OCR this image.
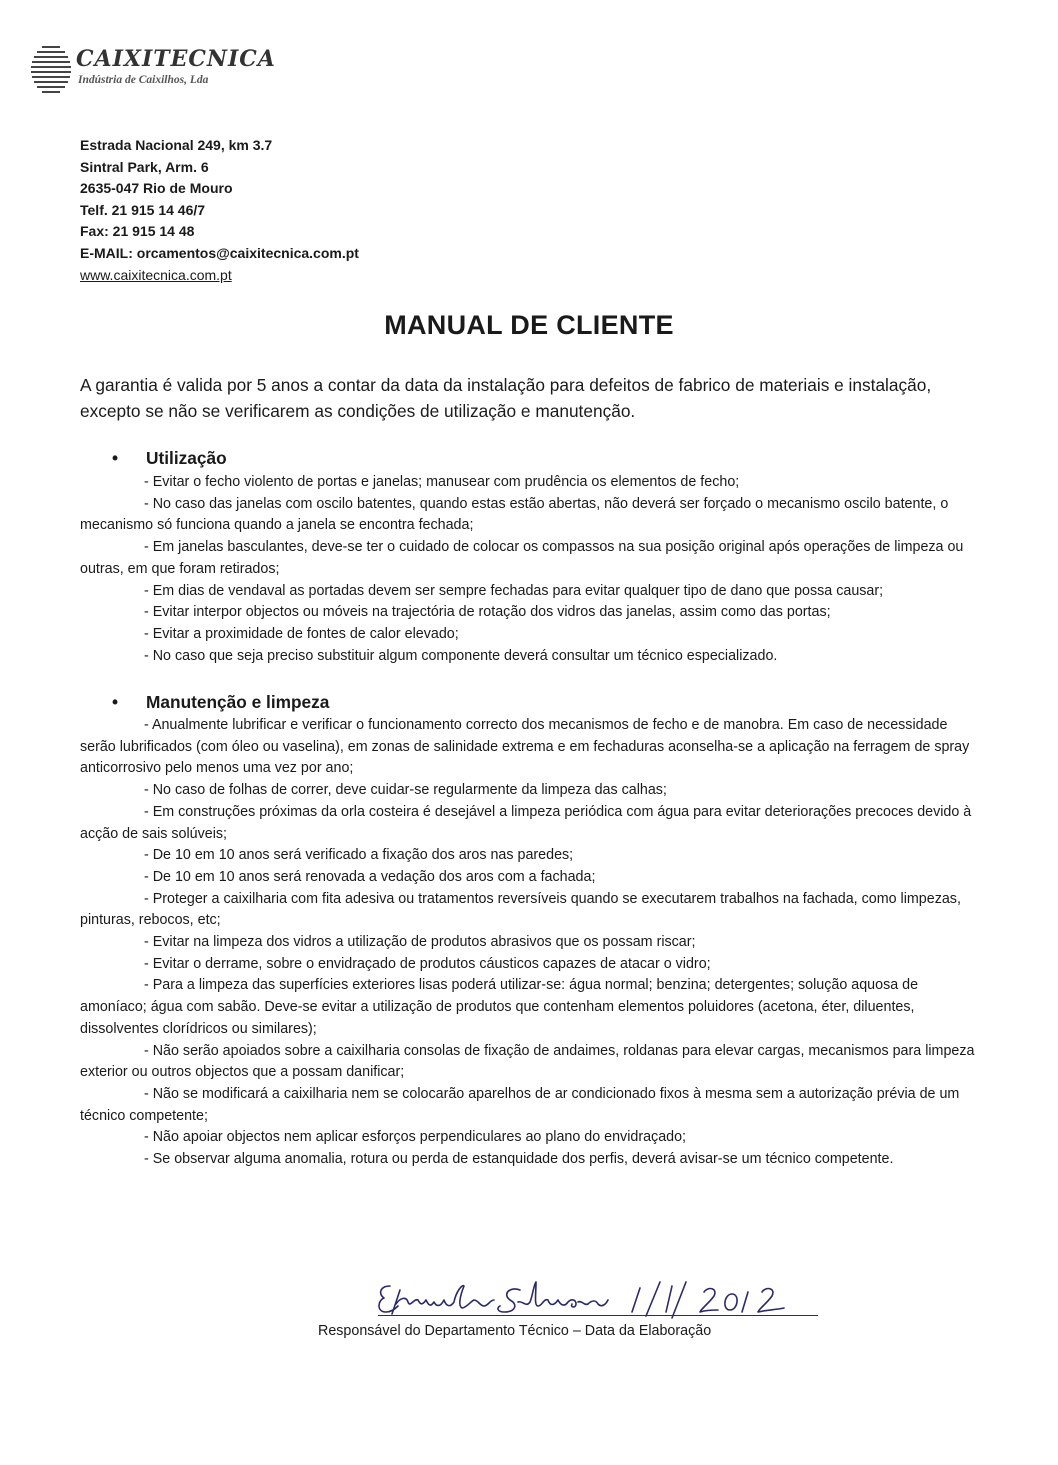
CAIXITECNICA
Indústria de Caixilhos, Lda
Estrada Nacional 249, km 3.7
Sintral Park, Arm. 6
2635-047 Rio de Mouro
Telf. 21 915 14 46/7
Fax: 21 915 14 48
E-MAIL: orcamentos@caixitecnica.com.pt
www.caixitecnica.com.pt
MANUAL DE CLIENTE
A garantia é valida por 5 anos a contar da data da instalação para defeitos de fabrico de materiais e instalação, excepto se não se verificarem as condições de utilização e manutenção.
• Utilização
- Evitar o fecho violento de portas e janelas; manusear com prudência os elementos de fecho;
- No caso das janelas com oscilo batentes, quando estas estão abertas, não deverá ser forçado o mecanismo oscilo batente, o mecanismo só funciona quando a janela se encontra fechada;
- Em janelas basculantes, deve-se ter o cuidado de colocar os compassos na sua posição original após operações de limpeza ou outras, em que foram retirados;
- Em dias de vendaval as portadas devem ser sempre fechadas para evitar qualquer tipo de dano que possa causar;
- Evitar interpor objectos ou móveis na trajectória de rotação dos vidros das janelas, assim como das portas;
- Evitar a proximidade de fontes de calor elevado;
- No caso que seja preciso substituir algum componente deverá consultar um técnico especializado.
• Manutenção e limpeza
- Anualmente lubrificar e verificar o funcionamento correcto dos mecanismos de fecho e de manobra. Em caso de necessidade serão lubrificados (com óleo ou vaselina), em zonas de salinidade extrema e em fechaduras aconselha-se a aplicação na ferragem de spray anticorrosivo pelo menos uma vez por ano;
- No caso de folhas de correr, deve cuidar-se regularmente da limpeza das calhas;
- Em construções próximas da orla costeira é desejável a limpeza periódica com água para evitar deteriorações precoces devido à acção de sais solúveis;
- De 10 em 10 anos será verificado a fixação dos aros nas paredes;
- De 10 em 10 anos será renovada a vedação dos aros com a fachada;
- Proteger a caixilharia com fita adesiva ou tratamentos reversíveis quando se executarem trabalhos na fachada, como limpezas, pinturas, rebocos, etc;
- Evitar na limpeza dos vidros a utilização de produtos abrasivos que os possam riscar;
- Evitar o derrame, sobre o envidraçado de produtos cáusticos capazes de atacar o vidro;
- Para a limpeza das superfícies exteriores lisas poderá utilizar-se: água normal; benzina; detergentes; solução aquosa de amoníaco; água com sabão. Deve-se evitar a utilização de produtos que contenham elementos poluidores (acetona, éter, diluentes, dissolventes clorídricos ou similares);
- Não serão apoiados sobre a caixilharia consolas de fixação de andaimes, roldanas para elevar cargas, mecanismos para limpeza exterior ou outros objectos que a possam danificar;
- Não se modificará a caixilharia nem se colocarão aparelhos de ar condicionado fixos à mesma sem a autorização prévia de um técnico competente;
- Não apoiar objectos nem aplicar esforços perpendiculares ao plano do envidraçado;
- Se observar alguma anomalia, rotura ou perda de estanquidade dos perfis, deverá avisar-se um técnico competente.
Responsável do Departamento Técnico – Data da Elaboração
